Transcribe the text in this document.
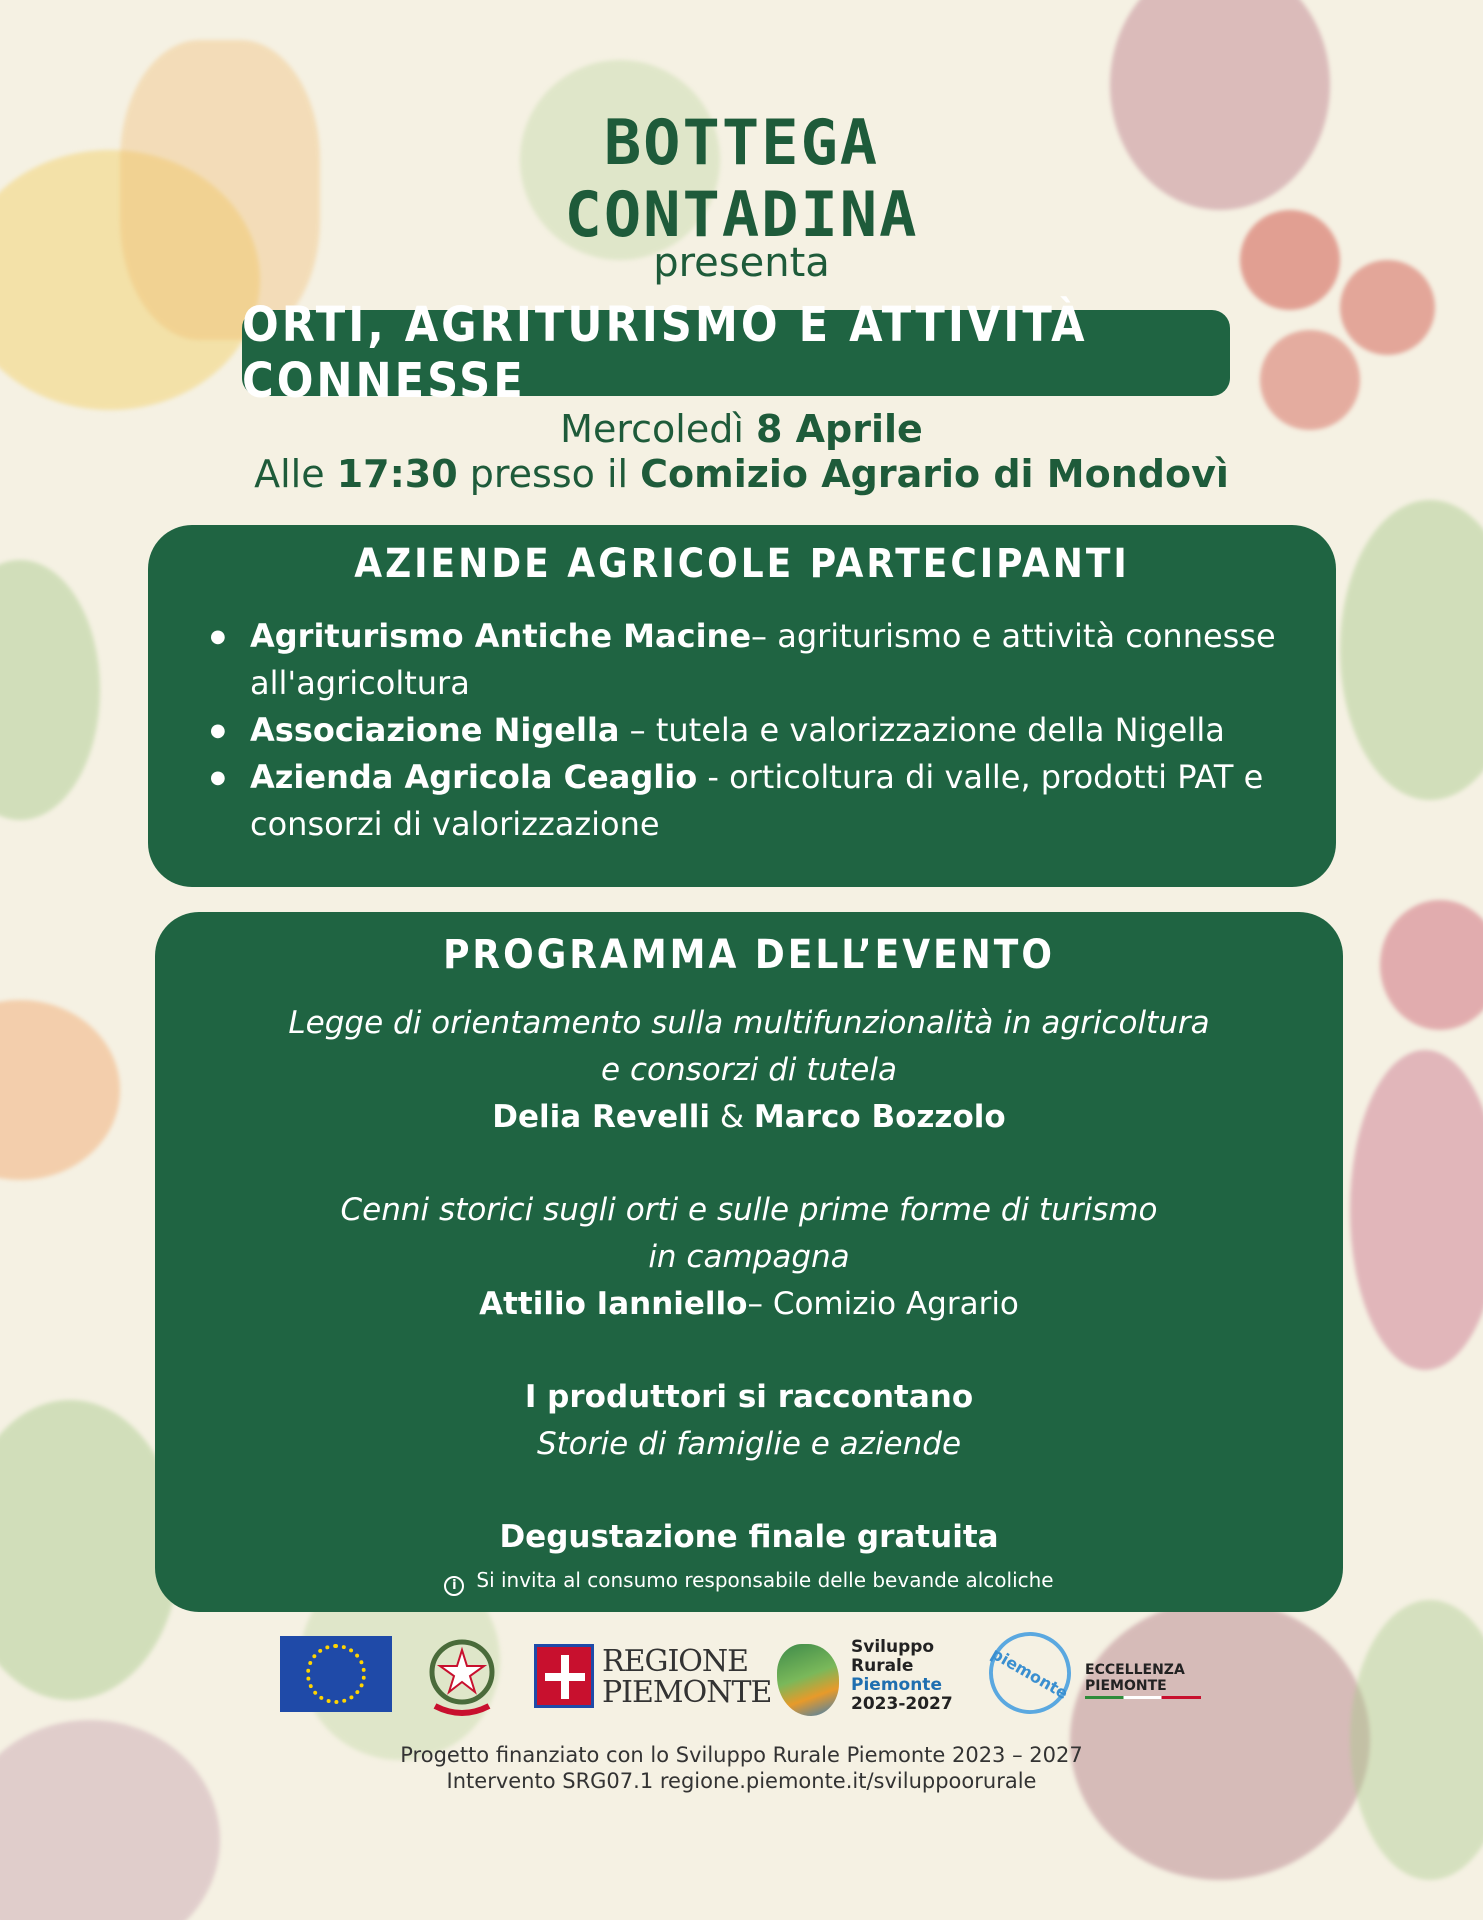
BOTTEGA
CONTADINA
presenta
ORTI, AGRITURISMO E ATTIVITÀ CONNESSE
Mercoledì 8 Aprile
Alle 17:30 presso il Comizio Agrario di Mondovì
AZIENDE AGRICOLE PARTECIPANTI
● Agriturismo Antiche Macine– agriturismo e attività connesse all'agricoltura
● Associazione Nigella – tutela e valorizzazione della Nigella
● Azienda Agricola Ceaglio - orticoltura di valle, prodotti PAT e consorzi di valorizzazione
PROGRAMMA DELL’EVENTO
Legge di orientamento sulla multifunzionalità in agricoltura
e consorzi di tutela
Delia Revelli & Marco Bozzolo
Cenni storici sugli orti e sulle prime forme di turismo
in campagna
Attilio Ianniello– Comizio Agrario
I produttori si raccontano
Storie di famiglie e aziende
Degustazione finale gratuita
i Si invita al consumo responsabile delle bevande alcoliche
REGIONE
PIEMONTE
Sviluppo
Rurale
Piemonte
2023-2027
piemonte ECCELLENZA
PIEMONTE
Progetto finanziato con lo Sviluppo Rurale Piemonte 2023 – 2027
Intervento SRG07.1 regione.piemonte.it/sviluppoorurale
